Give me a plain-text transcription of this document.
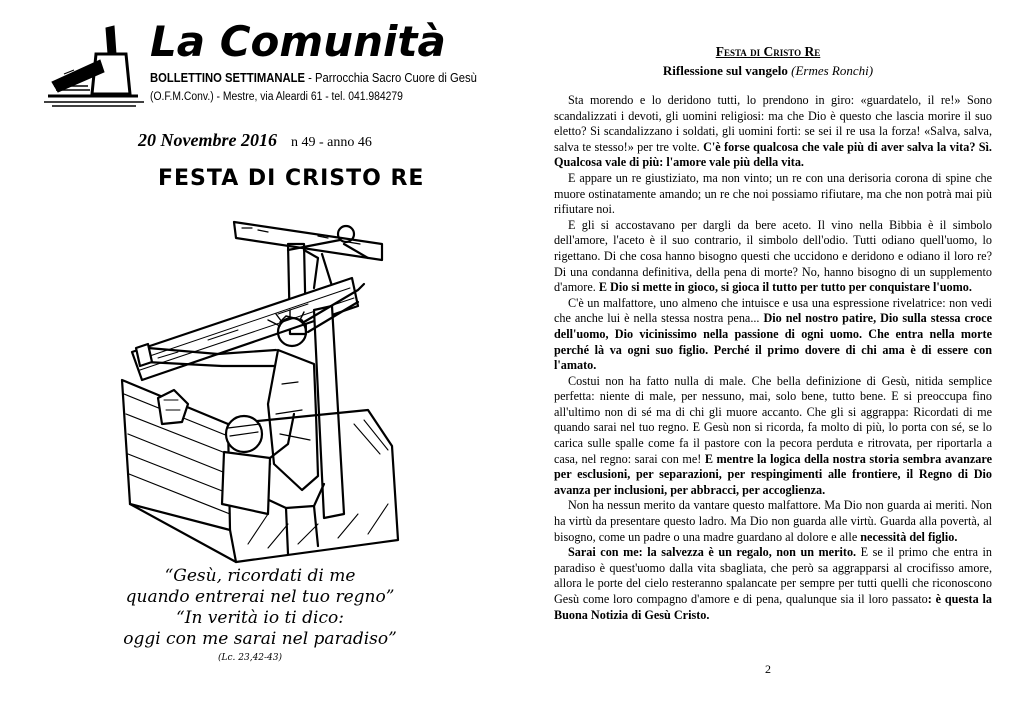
La Comunità
BOLLETTINO SETTIMANALE - Parrocchia Sacro Cuore di Gesù
(O.F.M.Conv.) - Mestre, via Aleardi 61 - tel. 041.984279
20 Novembre 2016 n 49 - anno 46
FESTA DI CRISTO RE
“Gesù, ricordati di me
quando entrerai nel tuo regno”
“In verità io ti dico:
oggi con me sarai nel paradiso”
(Lc. 23,42-43)
Festa di Cristo Re
Riflessione sul vangelo (Ermes Ronchi)

Sta morendo e lo deridono tutti, lo prendono in giro: «guardatelo, il re!» Sono scandalizzati i devoti, gli uomini religiosi: ma che Dio è questo che lascia morire il suo eletto? Si scandalizzano i soldati, gli uomini forti: se sei il re usa la forza! «Salva, salva, salva te stesso!» per tre volte. C'è forse qualcosa che vale più di aver salva la vita? Sì. Qualcosa vale di più: l'amore vale più della vita.

E appare un re giustiziato, ma non vinto; un re con una derisoria corona di spine che muore ostinatamente amando; un re che noi possiamo rifiutare, ma che non potrà mai più rifiutare noi.

E gli si accostavano per dargli da bere aceto. Il vino nella Bibbia è il simbolo dell'amore, l'aceto è il suo contrario, il simbolo dell'odio. Tutti odiano quell'uomo, lo rigettano. Di che cosa hanno bisogno questi che uccidono e deridono e odiano il loro re? Di una condanna definitiva, della pena di morte? No, hanno bisogno di un supplemento d'amore. E Dio si mette in gioco, si gioca il tutto per tutto per conquistare l'uomo.

C'è un malfattore, uno almeno che intuisce e usa una espressione rivelatrice: non vedi che anche lui è nella stessa nostra pena... Dio nel nostro patire, Dio sulla stessa croce dell'uomo, Dio vicinissimo nella passione di ogni uomo. Che entra nella morte perché là va ogni suo figlio. Perché il primo dovere di chi ama è di essere con l'amato.

Costui non ha fatto nulla di male. Che bella definizione di Gesù, nitida semplice perfetta: niente di male, per nessuno, mai, solo bene, tutto bene. E si preoccupa fino all'ultimo non di sé ma di chi gli muore accanto. Che gli si aggrappa: Ricordati di me quando sarai nel tuo regno. E Gesù non si ricorda, fa molto di più, lo porta con sé, se lo carica sulle spalle come fa il pastore con la pecora perduta e ritrovata, per riportarla a casa, nel regno: sarai con me! E mentre la logica della nostra storia sembra avanzare per esclusioni, per separazioni, per respingimenti alle frontiere, il Regno di Dio avanza per inclusioni, per abbracci, per accoglienza.

Non ha nessun merito da vantare questo malfattore. Ma Dio non guarda ai meriti. Non ha virtù da presentare questo ladro. Ma Dio non guarda alle virtù. Guarda alla povertà, al bisogno, come un padre o una madre guardano al dolore e alle necessità del figlio.

Sarai con me: la salvezza è un regalo, non un merito. E se il primo che entra in paradiso è quest'uomo dalla vita sbagliata, che però sa aggrapparsi al crocifisso amore, allora le porte del cielo resteranno spalancate per sempre per tutti quelli che riconoscono Gesù come loro compagno d'amore e di pena, qualunque sia il loro passato: è questa la Buona Notizia di Gesù Cristo.

2
